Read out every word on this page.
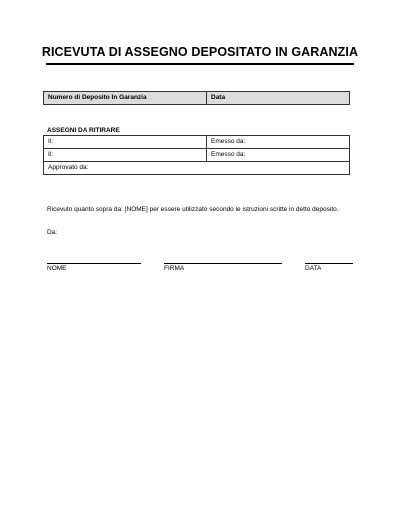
RICEVUTA DI ASSEGNO DEPOSITATO IN GARANZIA
Numero di Deposito In Garanzia	Data
ASSEGNI DA RITIRARE
Il:	Emesso da:
Il:	Emesso da:
Approvato da:	
Ricevuto quanto sopra da: [NOME] per essere utilizzato secondo le istruzioni scritte in detto deposito.
Da:
NOME	FIRMA	DATA
